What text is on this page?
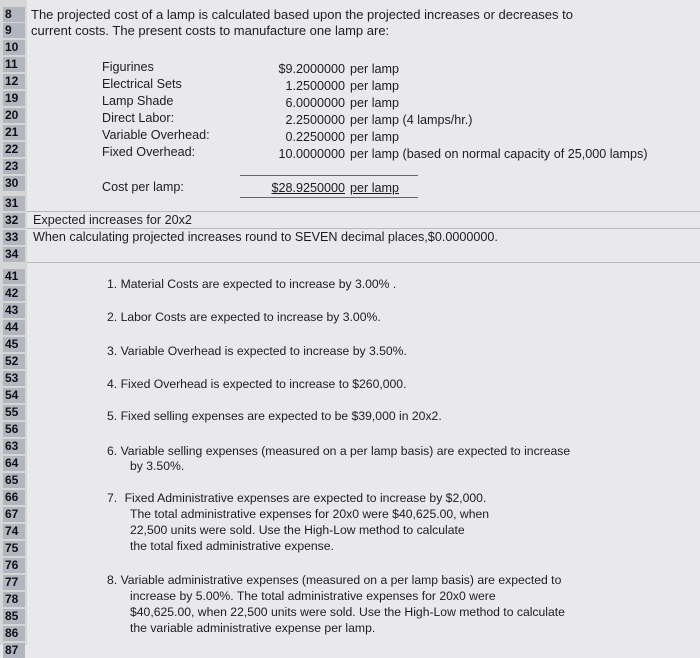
8
9
10
11
12
19
20
21
22
23
30
31
32
33
34
41
42
43
44
45
52
53
54
55
56
63
64
65
66
67
74
75
76
77
78
85
86
87
The projected cost of a lamp is calculated based upon the projected increases or decreases to
current costs. The present costs to manufacture one lamp are:
Figurines	$9.2000000 per lamp
Electrical Sets	1.2500000 per lamp
Lamp Shade	6.0000000 per lamp
Direct Labor:	2.2500000 per lamp (4 lamps/hr.)
Variable Overhead:	0.2250000 per lamp
Fixed Overhead:	10.0000000 per lamp (based on normal capacity of 25,000 lamps)
Cost per lamp:	$28.9250000 per lamp
Expected increases for 20x2
When calculating projected increases round to SEVEN decimal places,$0.0000000.
1. Material Costs are expected to increase by 3.00% .
2. Labor Costs are expected to increase by 3.00%.
3. Variable Overhead is expected to increase by 3.50%.
4. Fixed Overhead is expected to increase to $260,000.
5. Fixed selling expenses are expected to be $39,000 in 20x2.
6. Variable selling expenses (measured on a per lamp basis) are expected to increase
by 3.50%.
7. Fixed Administrative expenses are expected to increase by $2,000.
The total administrative expenses for 20x0 were $40,625.00, when
22,500 units were sold. Use the High-Low method to calculate
the total fixed administrative expense.
8. Variable administrative expenses (measured on a per lamp basis) are expected to
increase by 5.00%. The total administrative expenses for 20x0 were
$40,625.00, when 22,500 units were sold. Use the High-Low method to calculate
the variable administrative expense per lamp.
